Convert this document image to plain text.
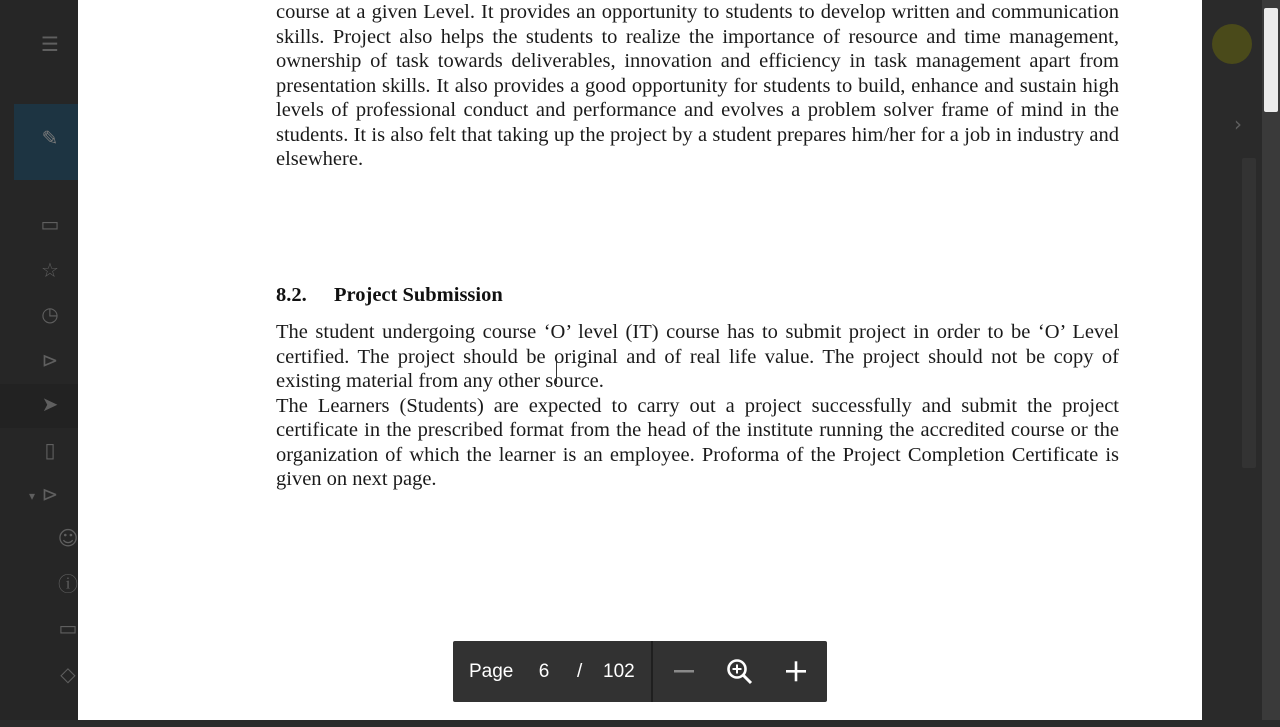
☰
✎
▭
☆
◷
⊳
➤
▯
▾ ⊳
☺
ⓘ
▭
◇
›

course at a given Level. It provides an opportunity to students to develop written and communication skills. Project also helps the students to realize the importance of resource and time management, ownership of task towards deliverables, innovation and efficiency in task management apart from presentation skills. It also provides a good opportunity for students to build, enhance and sustain high levels of professional conduct and performance and evolves a problem solver frame of mind in the students. It is also felt that taking up the project by a student prepares him/her for a job in industry and elsewhere.

8.2. Project Submission

The student undergoing course ‘O’ level (IT) course has to submit project in order to be ‘O’ Level certified. The project should be original and of real life value. The project should not be copy of existing material from any other source.

The Learners (Students) are expected to carry out a project successfully and submit the project certificate in the prescribed format from the head of the institute running the accredited course or the organization of which the learner is an employee. Proforma of the Project Completion Certificate is given on next page.

Page	6	/ 102
